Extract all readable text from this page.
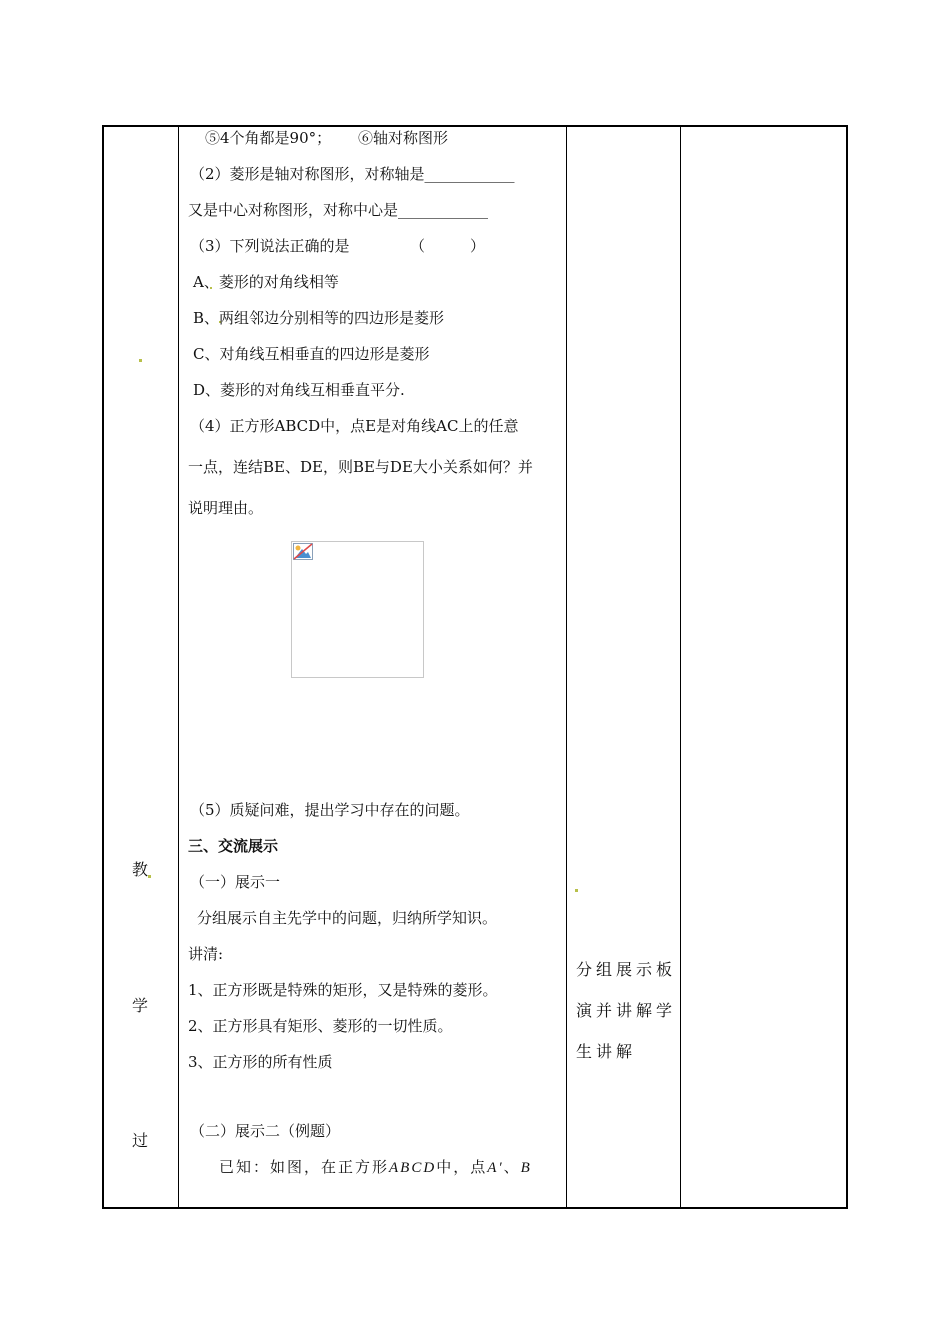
教
学
过
⑤4个角都是90°； ⑥轴对称图形
（2）菱形是轴对称图形，对称轴是____________
又是中心对称图形，对称中心是____________
（3）下列说法正确的是	（　　　）
A、菱形的对角线相等
B、两组邻边分别相等的四边形是菱形
C、对角线互相垂直的四边形是菱形
D、菱形的对角线互相垂直平分.
（4）正方形ABCD中，点E是对角线AC上的任意
一点，连结BE、DE，则BE与DE大小关系如何？并
说明理由。
（5）质疑问难，提出学习中存在的问题。
三、交流展示
（一）展示一
分组展示自主先学中的问题，归纳所学知识。
讲清:
1、正方形既是特殊的矩形，又是特殊的菱形。
2、正方形具有矩形、菱形的一切性质。
3、正方形的所有性质
（二）展示二（例题）
已知：如图，在正方形ABCD中，点A′、B
分组展示板
演并讲解学
生讲解
